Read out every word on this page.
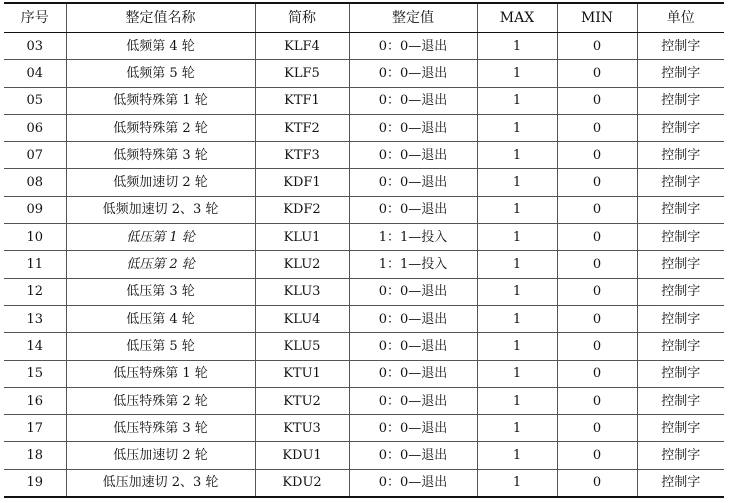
序号	整定值名称	简称	整定值	MAX	MIN	单位
03	低频第 4 轮	KLF4	0：0—退出	1	0	控制字
04	低频第 5 轮	KLF5	0：0—退出	1	0	控制字
05	低频特殊第 1 轮	KTF1	0：0—退出	1	0	控制字
06	低频特殊第 2 轮	KTF2	0：0—退出	1	0	控制字
07	低频特殊第 3 轮	KTF3	0：0—退出	1	0	控制字
08	低频加速切 2 轮	KDF1	0：0—退出	1	0	控制字
09	低频加速切 2、3 轮	KDF2	0：0—退出	1	0	控制字
10	低压第 1 轮	KLU1	1：1—投入	1	0	控制字
11	低压第 2 轮	KLU2	1：1—投入	1	0	控制字
12	低压第 3 轮	KLU3	0：0—退出	1	0	控制字
13	低压第 4 轮	KLU4	0：0—退出	1	0	控制字
14	低压第 5 轮	KLU5	0：0—退出	1	0	控制字
15	低压特殊第 1 轮	KTU1	0：0—退出	1	0	控制字
16	低压特殊第 2 轮	KTU2	0：0—退出	1	0	控制字
17	低压特殊第 3 轮	KTU3	0：0—退出	1	0	控制字
18	低压加速切 2 轮	KDU1	0：0—退出	1	0	控制字
19	低压加速切 2、3 轮	KDU2	0：0—退出	1	0	控制字
